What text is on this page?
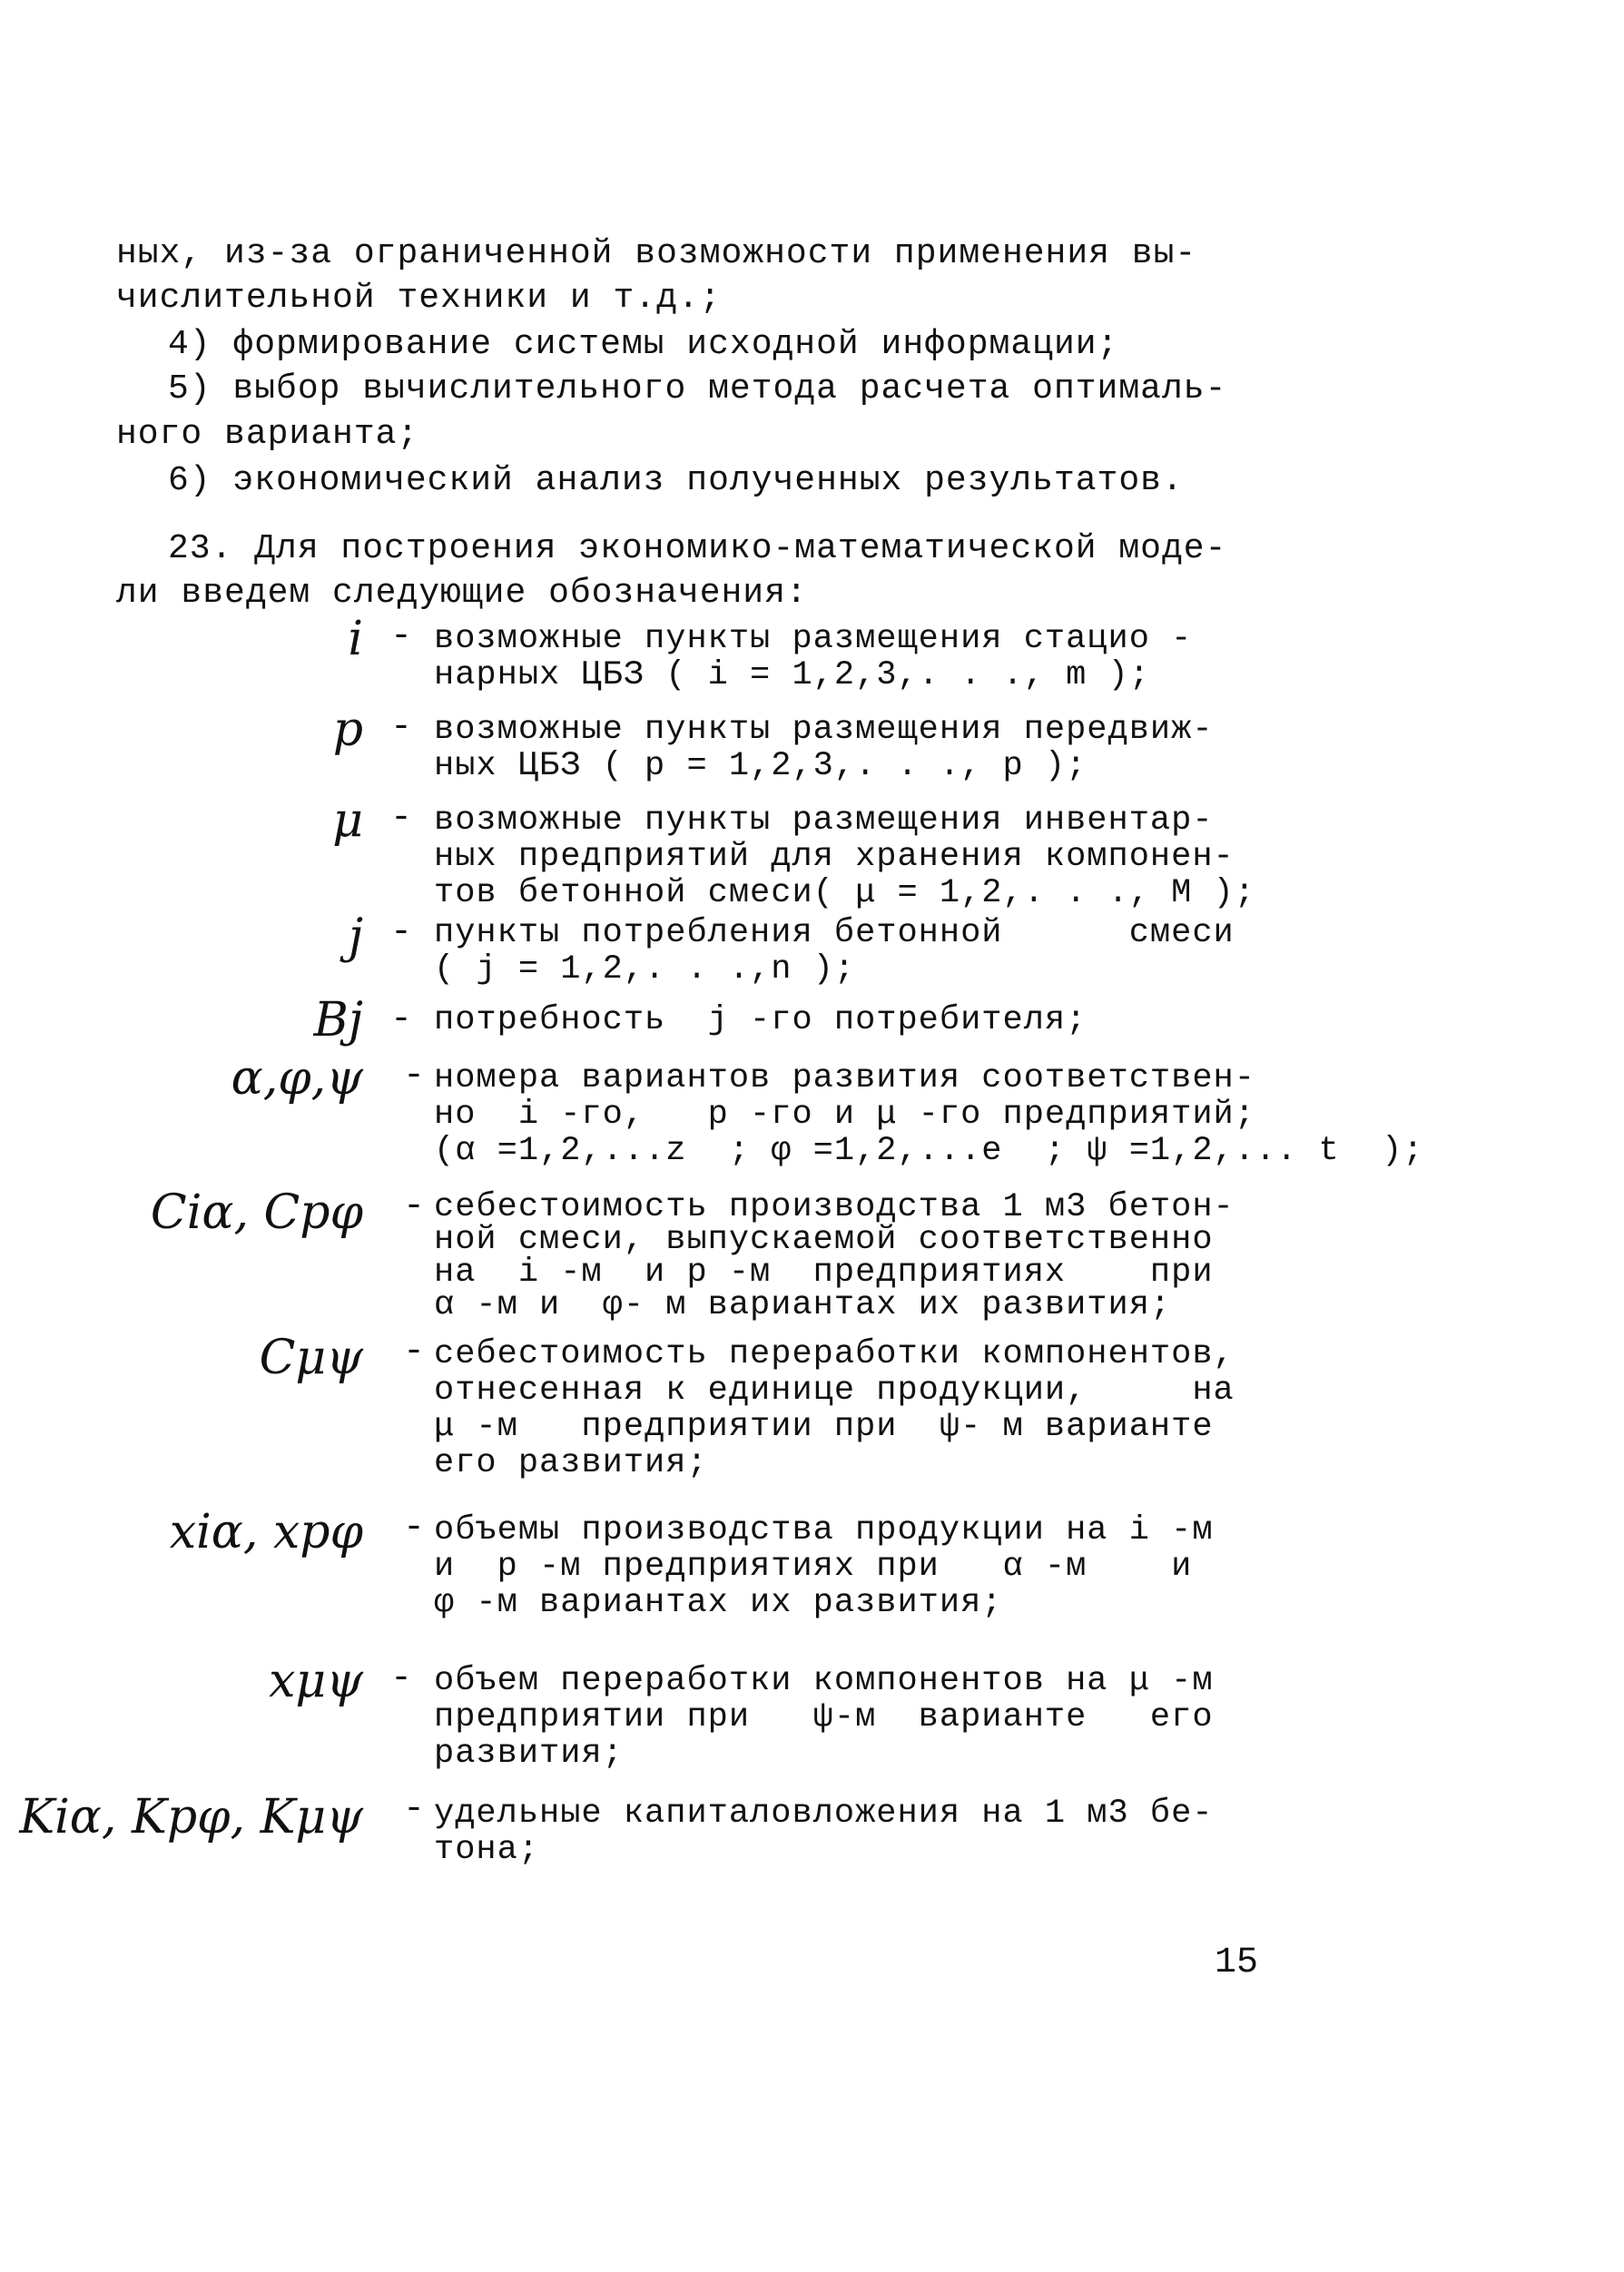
ных, из-за ограниченной возможности применения вы-
числительной техники и т.д.;
4) формирование системы исходной информации;
5) выбор вычислительного метода расчета оптималь-
ного варианта;
6) экономический анализ полученных результатов.
23. Для построения экономико-математической моде-
ли введем следующие обозначения:
i - возможные пункты размещения стацио -
нарных ЦБЗ ( i = 1,2,3,. . ., m );
p - возможные пункты размещения передвиж-
ных ЦБЗ ( p = 1,2,3,. . ., p );
μ - возможные пункты размещения инвентар-
ных предприятий для хранения компонен-
тов бетонной смеси( μ = 1,2,. . ., M );
j - пункты потребления бетонной      смеси
( j = 1,2,. . .,n );
Bj - потребность  j -го потребителя;
α,φ,ψ - номера вариантов развития соответствен-
но  i -го,   p -го и μ -го предприятий;
(α =1,2,...z  ; φ =1,2,...e  ; ψ =1,2,... t  );
Ciα, Cpφ - себестоимость производства 1 м3 бетон-
ной смеси, выпускаемой соответственно
на  i -м  и p -м  предприятиях    при
α -м и  φ- м вариантах их развития;
Cμψ - себестоимость переработки компонентов,
отнесенная к единице продукции,     на
μ -м   предприятии при  ψ- м варианте
его развития;
xiα, xpφ - объемы производства продукции на i -м
и  p -м предприятиях при   α -м    и
φ -м вариантах их развития;
xμψ - объем переработки компонентов на μ -м
предприятии при   ψ-м  варианте   его
развития;
Kiα, Kpφ, Kμψ - удельные капиталовложения на 1 м3 бе-
тона;
15
